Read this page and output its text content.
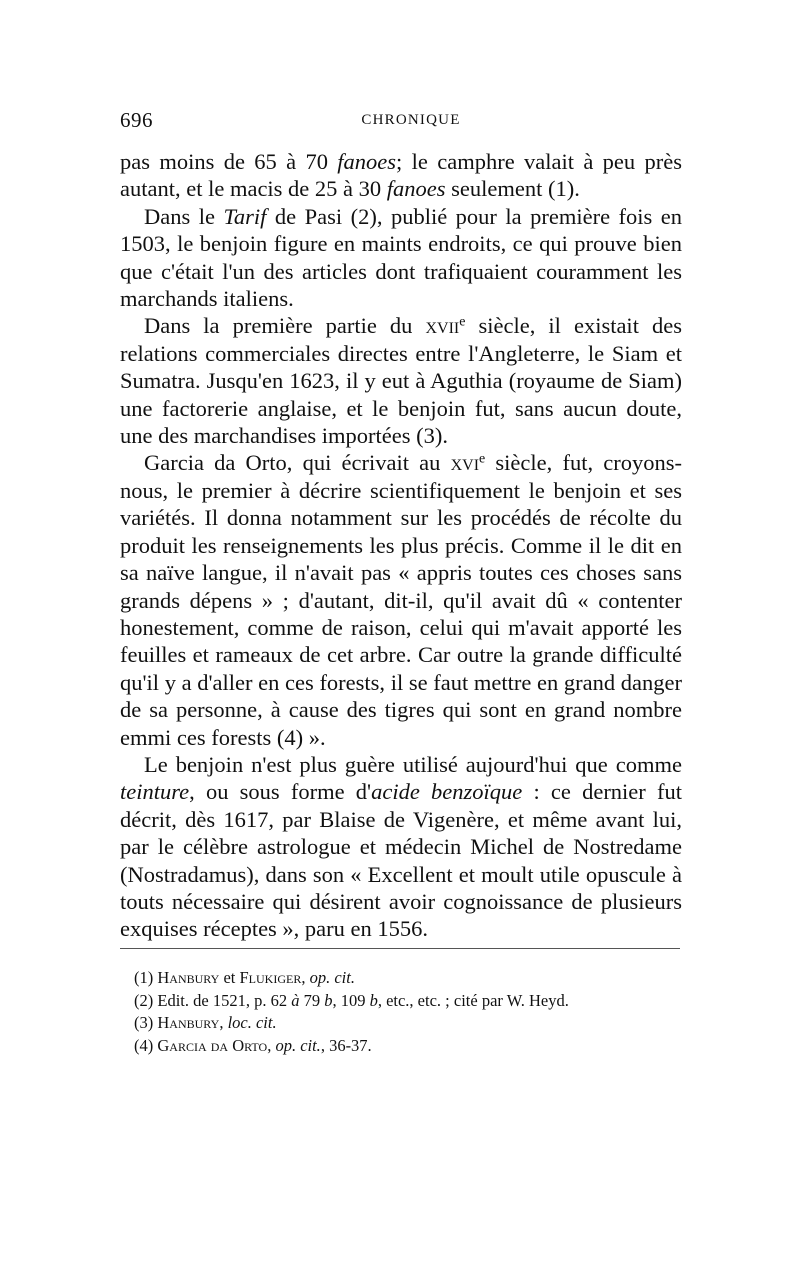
696	CHRONIQUE

pas moins de 65 à 70 fanoes; le camphre valait à peu près autant, et le macis de 25 à 30 fanoes seulement (1).

Dans le Tarif de Pasi (2), publié pour la première fois en 1503, le benjoin figure en maints endroits, ce qui prouve bien que c'était l'un des articles dont trafiquaient couramment les marchands italiens.

Dans la première partie du xvii$^e$ siècle, il existait des relations commerciales directes entre l'Angleterre, le Siam et Sumatra. Jusqu'en 1623, il y eut à Aguthia (royaume de Siam) une factorerie anglaise, et le benjoin fut, sans aucun doute, une des marchandises importées (3).

Garcia da Orto, qui écrivait au xvi$^e$ siècle, fut, croyons-nous, le premier à décrire scientifiquement le benjoin et ses variétés. Il donna notamment sur les procédés de récolte du produit les renseignements les plus précis. Comme il le dit en sa naïve langue, il n'avait pas « appris toutes ces choses sans grands dépens » ; d'autant, dit-il, qu'il avait dû « contenter honestement, comme de raison, celui qui m'avait apporté les feuilles et rameaux de cet arbre. Car outre la grande difficulté qu'il y a d'aller en ces forests, il se faut mettre en grand danger de sa personne, à cause des tigres qui sont en grand nombre emmi ces forests (4) ».

Le benjoin n'est plus guère utilisé aujourd'hui que comme teinture, ou sous forme d'acide benzoïque : ce dernier fut décrit, dès 1617, par Blaise de Vigenère, et même avant lui, par le célèbre astrologue et médecin Michel de Nostredame (Nostradamus), dans son « Excellent et moult utile opuscule à touts nécessaire qui désirent avoir cognoissance de plusieurs exquises réceptes », paru en 1556.

(1) Hanbury et Flukiger, op. cit.
(2) Edit. de 1521, p. 62 à 79 b, 109 b, etc., etc. ; cité par W. Heyd.
(3) Hanbury, loc. cit.
(4) Garcia da Orto, op. cit., 36-37.
